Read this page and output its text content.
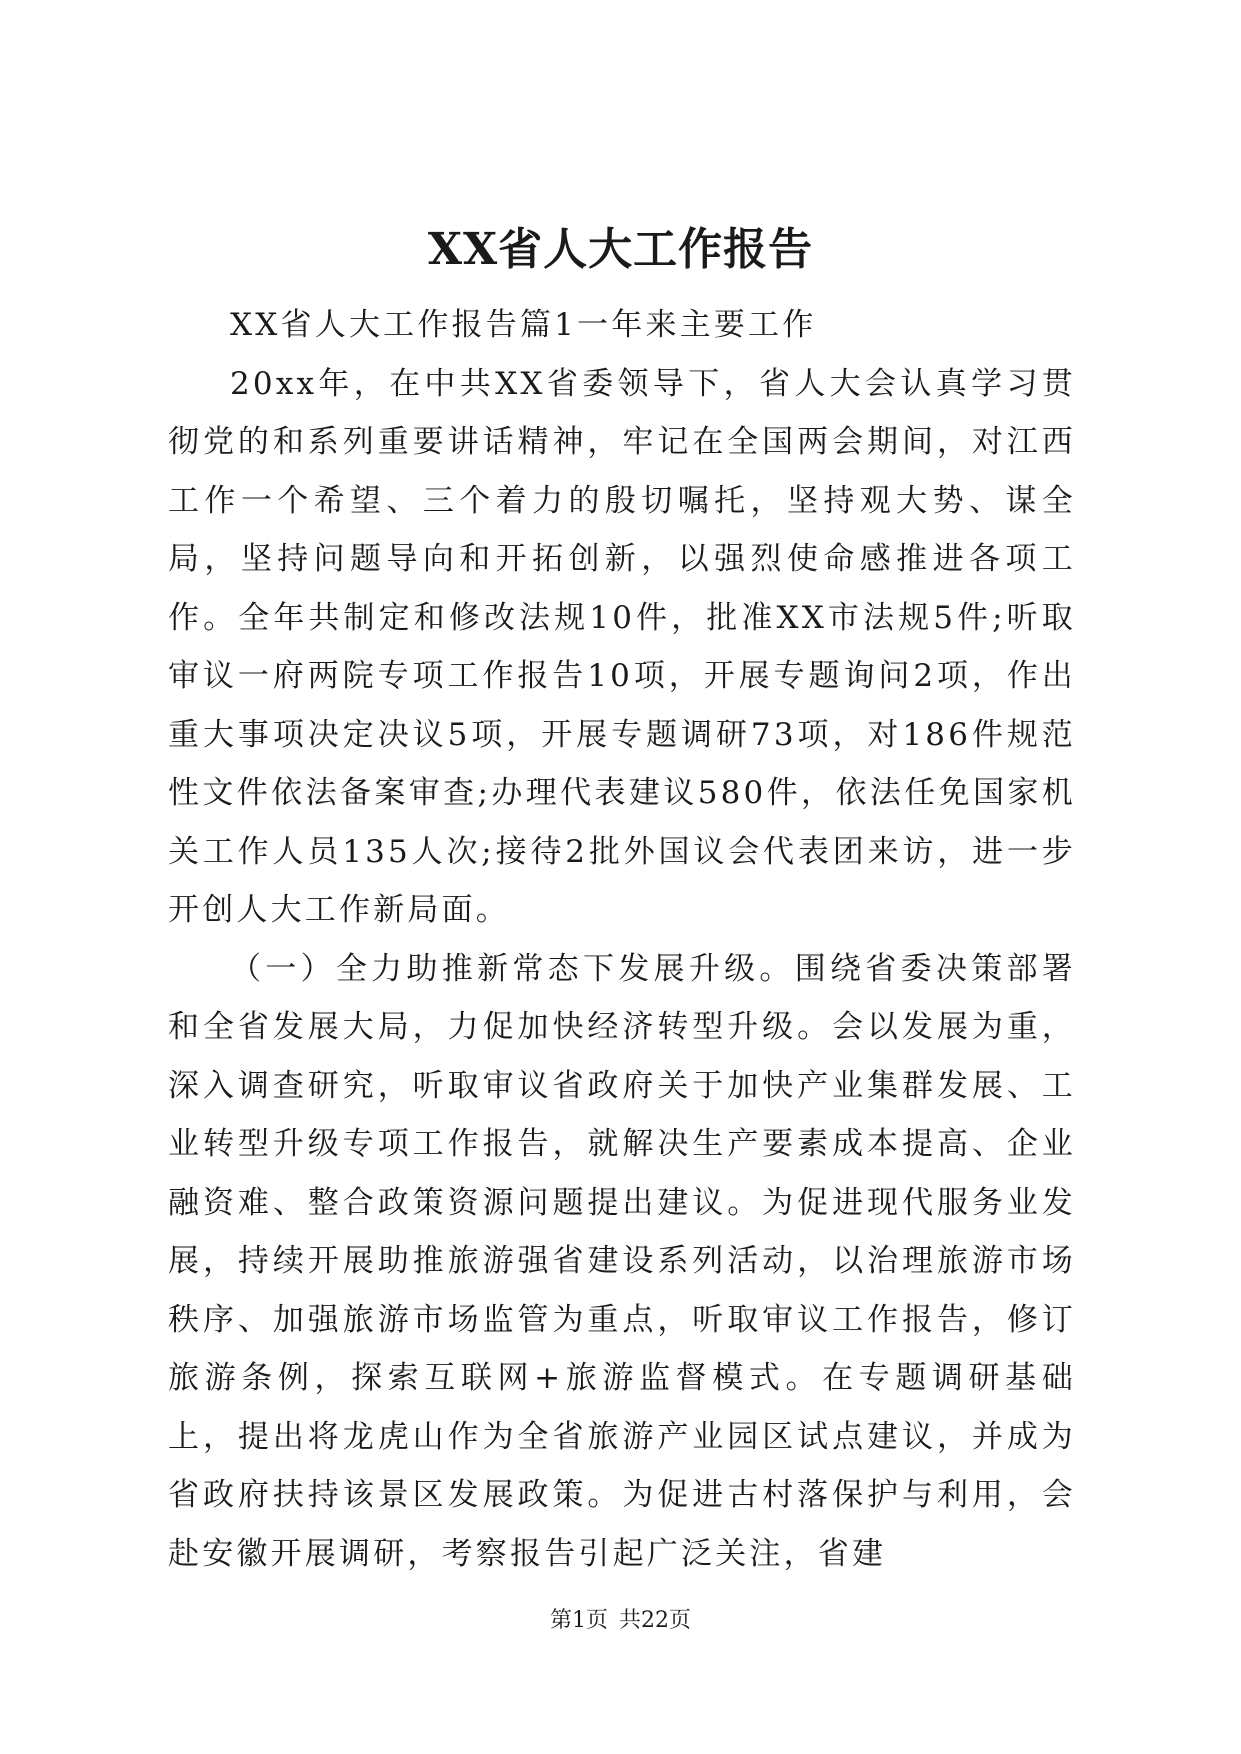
XX省人大工作报告

XX省人大工作报告篇1一年来主要工作

20xx年，在中共XX省委领导下，省人大会认真学习贯彻党的和系列重要讲话精神，牢记在全国两会期间，对江西工作一个希望、三个着力的殷切嘱托，坚持观大势、谋全局，坚持问题导向和开拓创新，以强烈使命感推进各项工作。全年共制定和修改法规10件，批准XX市法规5件;听取审议一府两院专项工作报告10项，开展专题询问2项，作出重大事项决定决议5项，开展专题调研73项，对186件规范性文件依法备案审查;办理代表建议580件，依法任免国家机关工作人员135人次;接待2批外国议会代表团来访，进一步开创人大工作新局面。

（一）全力助推新常态下发展升级。围绕省委决策部署和全省发展大局，力促加快经济转型升级。会以发展为重，深入调查研究，听取审议省政府关于加快产业集群发展、工业转型升级专项工作报告，就解决生产要素成本提高、企业融资难、整合政策资源问题提出建议。为促进现代服务业发展，持续开展助推旅游强省建设系列活动，以治理旅游市场秩序、加强旅游市场监管为重点，听取审议工作报告，修订旅游条例，探索互联网+旅游监督模式。在专题调研基础上，提出将龙虎山作为全省旅游产业园区试点建议，并成为省政府扶持该景区发展政策。为促进古村落保护与利用，会赴安徽开展调研，考察报告引起广泛关注，省建

第1页 共22页
